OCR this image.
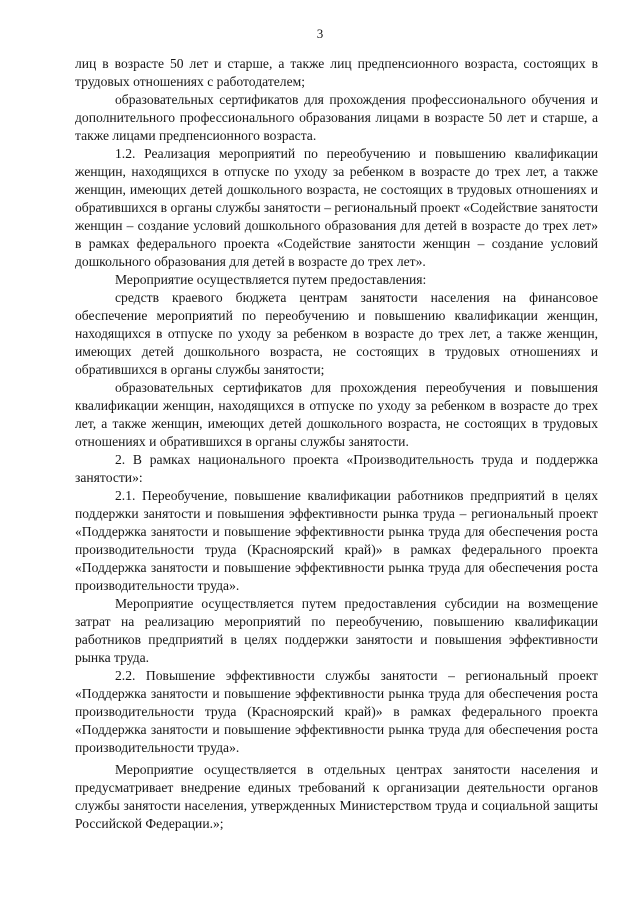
3

лиц в возрасте 50 лет и старше, а также лиц предпенсионного возраста, состоящих в трудовых отношениях с работодателем;

образовательных сертификатов для прохождения профессионального обучения и дополнительного профессионального образования лицами в возрасте 50 лет и старше, а также лицами предпенсионного возраста.

1.2. Реализация мероприятий по переобучению и повышению квалификации женщин, находящихся в отпуске по уходу за ребенком в возрасте до трех лет, а также женщин, имеющих детей дошкольного возраста, не состоящих в трудовых отношениях и обратившихся в органы службы занятости – региональный проект «Содействие занятости женщин – создание условий дошкольного образования для детей в возрасте до трех лет» в рамках федерального проекта «Содействие занятости женщин – создание условий дошкольного образования для детей в возрасте до трех лет».

Мероприятие осуществляется путем предоставления:

средств краевого бюджета центрам занятости населения на финансовое обеспечение мероприятий по переобучению и повышению квалификации женщин, находящихся в отпуске по уходу за ребенком в возрасте до трех лет, а также женщин, имеющих детей дошкольного возраста, не состоящих в трудовых отношениях и обратившихся в органы службы занятости;

образовательных сертификатов для прохождения переобучения и повышения квалификации женщин, находящихся в отпуске по уходу за ребенком в возрасте до трех лет, а также женщин, имеющих детей дошкольного возраста, не состоящих в трудовых отношениях и обратившихся в органы службы занятости.

2. В рамках национального проекта «Производительность труда и поддержка занятости»:

2.1. Переобучение, повышение квалификации работников предприятий в целях поддержки занятости и повышения эффективности рынка труда – региональный проект «Поддержка занятости и повышение эффективности рынка труда для обеспечения роста производительности труда (Красноярский край)» в рамках федерального проекта «Поддержка занятости и повышение эффективности рынка труда для обеспечения роста производительности труда».

Мероприятие осуществляется путем предоставления субсидии на возмещение затрат на реализацию мероприятий по переобучению, повышению квалификации работников предприятий в целях поддержки занятости и повышения эффективности рынка труда.

2.2. Повышение эффективности службы занятости – региональный проект «Поддержка занятости и повышение эффективности рынка труда для обеспечения роста производительности труда (Красноярский край)» в рамках федерального проекта «Поддержка занятости и повышение эффективности рынка труда для обеспечения роста производительности труда».

Мероприятие осуществляется в отдельных центрах занятости населения и предусматривает внедрение единых требований к организации деятельности органов службы занятости населения, утвержденных Министерством труда и социальной защиты Российской Федерации.»;
